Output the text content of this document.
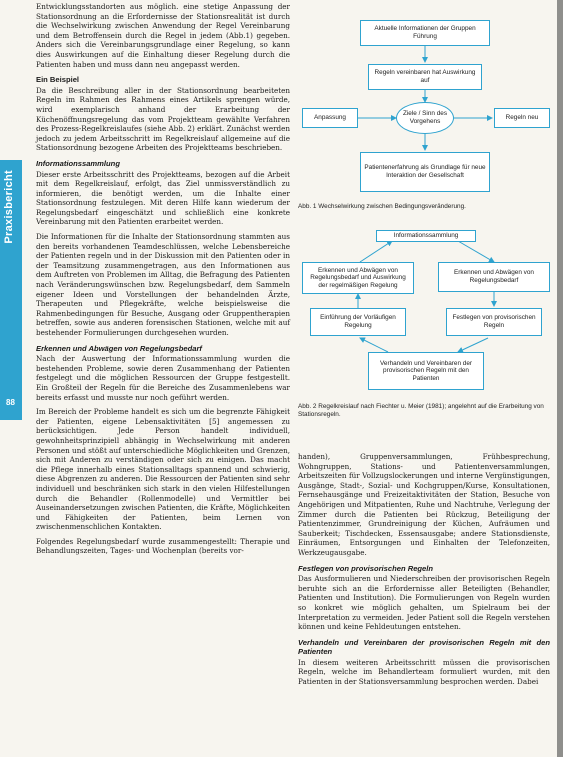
Praxisbericht
88

Entwicklungsstandorten aus möglich. eine stetige Anpassung der Stationsordnung an die Erfordernisse der Stationsrealität ist durch die Wechselwirkung zwischen Anwendung der Regel Vereinbarung und dem Betroffensein durch die Regel in jedem (Abb.1) gegeben. Anders sich die Vereinbarungsgrundlage einer Regelung, so kann dies Auswirkungen auf die Einhaltung dieser Regelung durch die Patienten haben und muss dann neu angepasst werden.

Ein Beispiel

Da die Beschreibung aller in der Stationsordnung bearbeiteten Regeln im Rahmen des Rahmens eines Artikels sprengen würde, wird exemplarisch anhand der Erarbeitung der Küchenöffnungsregelung das vom Projektteam gewählte Verfahren des Prozess-Regelkreislaufes (siehe Abb. 2) erklärt. Zunächst werden jedoch zu jedem Arbeitsschritt im Regelkreislauf allgemeine auf die Stationsordnung bezogene Arbeiten des Projektteams beschrieben.

Informationssammlung

Dieser erste Arbeitsschritt des Projektteams, bezogen auf die Arbeit mit dem Regelkreislauf, erfolgt, das Ziel unmissverständlich zu informieren, die benötigt werden, um die Inhalte einer Stationsordnung festzulegen. Mit deren Hilfe kann wiederum der Regelungsbedarf eingeschätzt und schließlich eine konkrete Vereinbarung mit den Patienten erarbeitet werden.

Die Informationen für die Inhalte der Stationsordnung stammten aus den bereits vorhandenen Teamdeschlüssen, welche Lebensbereiche der Patienten regeln und in der Diskussion mit den Patienten oder in der Teamsitzung zusammengetragen, aus den Informationen aus dem Auftreten von Problemen im Alltag, die Befragung des Patienten nach Veränderungswünschen bzw. Regelungsbedarf, dem Sammeln eigener Ideen und Vorstellungen der behandelnden Ärzte, Therapeuten und Pflegekräfte, welche beispielsweise die Rahmenbedingungen für Besuche, Ausgang oder Gruppentherapien betreffen, sowie aus anderen forensischen Stationen, welche mit auf bestehender Formulierungen durchgesehen wurden.

Erkennen und Abwägen von Regelungsbedarf

Nach der Auswertung der Informationssammlung wurden die bestehenden Probleme, sowie deren Zusammenhang der Patienten festgelegt und die möglichen Ressourcen der Gruppe festgestellt. Ein Großteil der Regeln für die Bereiche des Zusammenlebens war bereits erfasst und musste nur noch geführt werden.

Im Bereich der Probleme handelt es sich um die begrenzte Fähigkeit der Patienten, eigene Lebensaktivitäten [5] angemessen zu berücksichtigen. Jede Person handelt individuell, gewohnheitsprinzipiell abhängig in Wechselwirkung mit anderen Personen und stößt auf unterschiedliche Möglichkeiten und Grenzen, sich mit Anderen zu verständigen oder sich zu einigen. Das macht die Pflege innerhalb eines Stationsalltags spannend und schwierig, diese Abgrenzen zu anderen. Die Ressourcen der Patienten sind sehr individuell und beschränken sich stark in den vielen Hilfestellungen durch die Behandler (Rollenmodelle) und Vermittler bei Auseinandersetzungen zwischen Patienten, die Kräfte, Möglichkeiten und Fähigkeiten der Patienten, beim Lernen von zwischenmenschlichen Kontakten.

Folgendes Regelungsbedarf wurde zusammengestellt: Therapie und Behandlungszeiten, Tages- und Wochenplan (bereits vor-

Aktuelle Informationen der Gruppen Führung
Regeln vereinbaren hat Auswirkung auf
Ziele / Sinn des Vorgehens
Anpassung	Regeln neu
Patientenerfahrung als Grundlage für neue Interaktion der Gesellschaft
Abb. 1 Wechselwirkung zwischen Bedingungsveränderung.
Informationssammlung
Erkennen und Abwägen von Regelungsbedarf und Auswirkung der regelmäßigen Regelung
Erkennen und Abwägen von Regelungsbedarf
Einführung der Vorläufigen Regelung
Festlegen von provisorischen Regeln
Verhandeln und Vereinbaren der provisorischen Regeln mit den Patienten
Abb. 2 Regelkreislauf nach Fiechter u. Meier (1981); angelehnt auf die Erarbeitung von Stationsregeln.

handen), Gruppenversammlungen, Frühbesprechung, Wohngruppen, Stations- und Patientenversammlungen, Arbeitszeiten für Vollzugslockerungen und interne Vergünstigungen, Ausgänge, Stadt-, Sozial- und Kochgruppen/Kurse, Konsultationen, Fernsehausgänge und Freizeitaktivitäten der Station, Besuche von Angehörigen und Mitpatienten, Ruhe und Nachtruhe, Verlegung der Zimmer durch die Patienten bei Rückzug, Beteiligung der Patientenzimmer, Grundreinigung der Küchen, Aufräumen und Sauberkeit; Tischdecken, Essensausgabe; andere Stationsdienste, Einräumen, Entsorgungen und Einhalten der Telefonzeiten, Werkzeugausgabe.

Festlegen von provisorischen Regeln

Das Ausformulieren und Niederschreiben der provisorischen Regeln beruhte sich an die Erfordernisse aller Beteiligten (Behandler, Patienten und Institution). Die Formulierungen von Regeln wurden so konkret wie möglich gehalten, um Spielraum bei der Interpretation zu vermeiden. Jeder Patient soll die Regeln verstehen können und keine Fehldeutungen entstehen.

Verhandeln und Vereinbaren der provisorischen Regeln mit den Patienten

In diesem weiteren Arbeitsschritt müssen die provisorischen Regeln, welche im Behandlerteam formuliert wurden, mit den Patienten in der Stationsversammlung besprochen werden. Dabei
